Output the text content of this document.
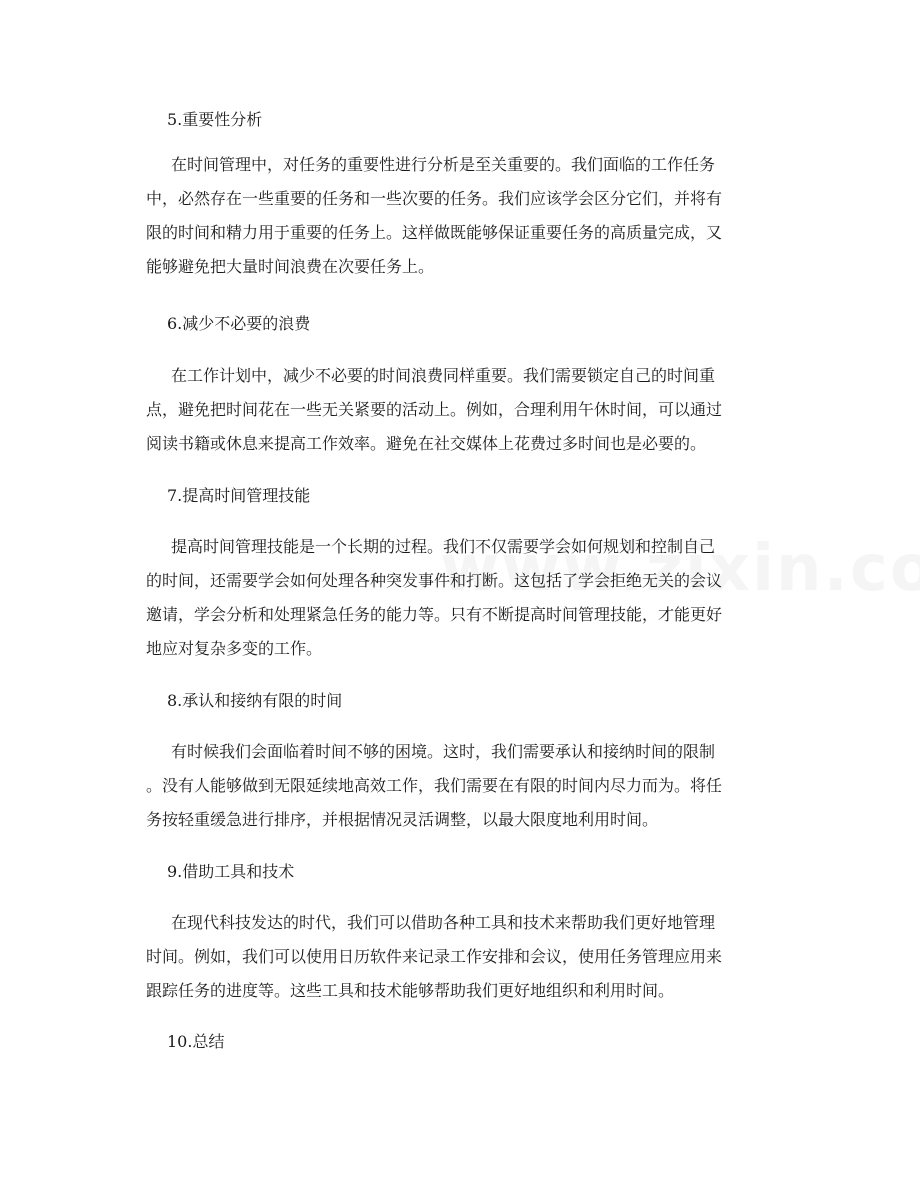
5.重要性分析
在时间管理中，对任务的重要性进行分析是至关重要的。我们面临的工作任务
中，必然存在一些重要的任务和一些次要的任务。我们应该学会区分它们，并将有
限的时间和精力用于重要的任务上。这样做既能够保证重要任务的高质量完成，又
能够避免把大量时间浪费在次要任务上。
6.减少不必要的浪费
在工作计划中，减少不必要的时间浪费同样重要。我们需要锁定自己的时间重
点，避免把时间花在一些无关紧要的活动上。例如，合理利用午休时间，可以通过
阅读书籍或休息来提高工作效率。避免在社交媒体上花费过多时间也是必要的。
7.提高时间管理技能
提高时间管理技能是一个长期的过程。我们不仅需要学会如何规划和控制自己
的时间，还需要学会如何处理各种突发事件和打断。这包括了学会拒绝无关的会议
邀请，学会分析和处理紧急任务的能力等。只有不断提高时间管理技能，才能更好
地应对复杂多变的工作。
8.承认和接纳有限的时间
有时候我们会面临着时间不够的困境。这时，我们需要承认和接纳时间的限制
。没有人能够做到无限延续地高效工作，我们需要在有限的时间内尽力而为。将任
务按轻重缓急进行排序，并根据情况灵活调整，以最大限度地利用时间。
9.借助工具和技术
在现代科技发达的时代，我们可以借助各种工具和技术来帮助我们更好地管理
时间。例如，我们可以使用日历软件来记录工作安排和会议，使用任务管理应用来
跟踪任务的进度等。这些工具和技术能够帮助我们更好地组织和利用时间。
10.总结
